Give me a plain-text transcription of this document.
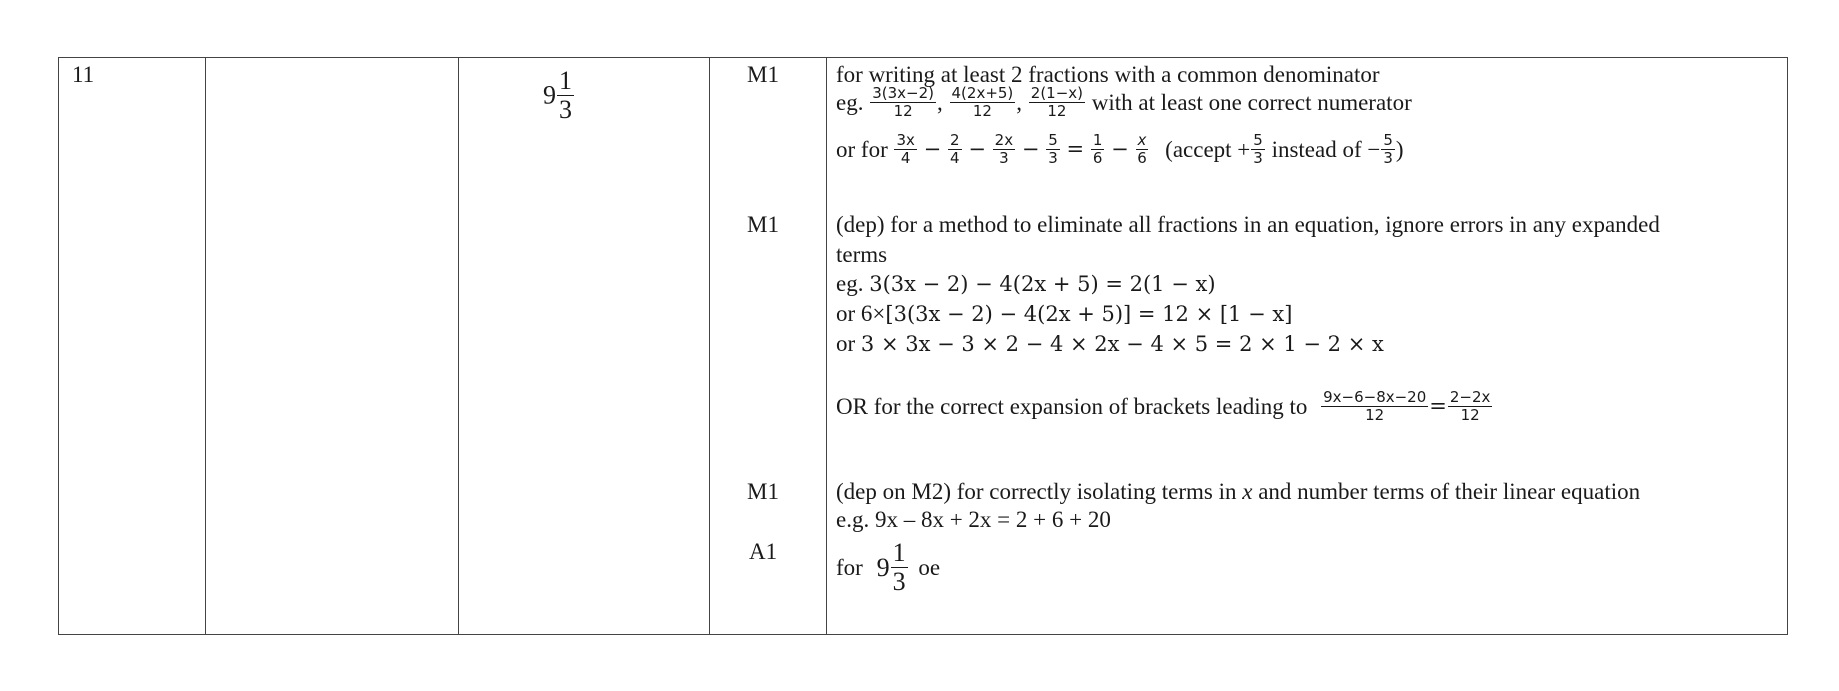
11
$9 \frac{1}{3}$	M1
M1
M1
A1
for writing at least 2 fractions with a common denominator
eg. $\frac{3(3x-2)}{12}$ , $\frac{4(2x+5)}{12}$ , $\frac{2(1-x)}{12}$ with at least one correct numerator
or for $\frac{3x}{4} - \frac{2}{4} - \frac{2x}{3} - \frac{5}{3} = \frac{1}{6} - \frac{x}{6}$ (accept + $\frac{5}{3}$ instead of − $\frac{5}{3}$ )
(dep) for a method to eliminate all fractions in an equation, ignore errors in any expanded
terms
eg. 3(3x − 2) − 4(2x + 5) = 2(1 − x)
or 6×[3(3x − 2) − 4(2x + 5)] = 12 × [1 − x]
or 3 × 3x − 3 × 2 − 4 × 2x − 4 × 5 = 2 × 1 − 2 × x
OR for the correct expansion of brackets leading to $\frac{9x-6-8x-20}{12} = \frac{2-2x}{12}$
(dep on M2) for correctly isolating terms in x and number terms of their linear equation
e.g. 9x – 8x + 2x = 2 + 6 + 20
for $9 \frac{1}{3}$ oe
